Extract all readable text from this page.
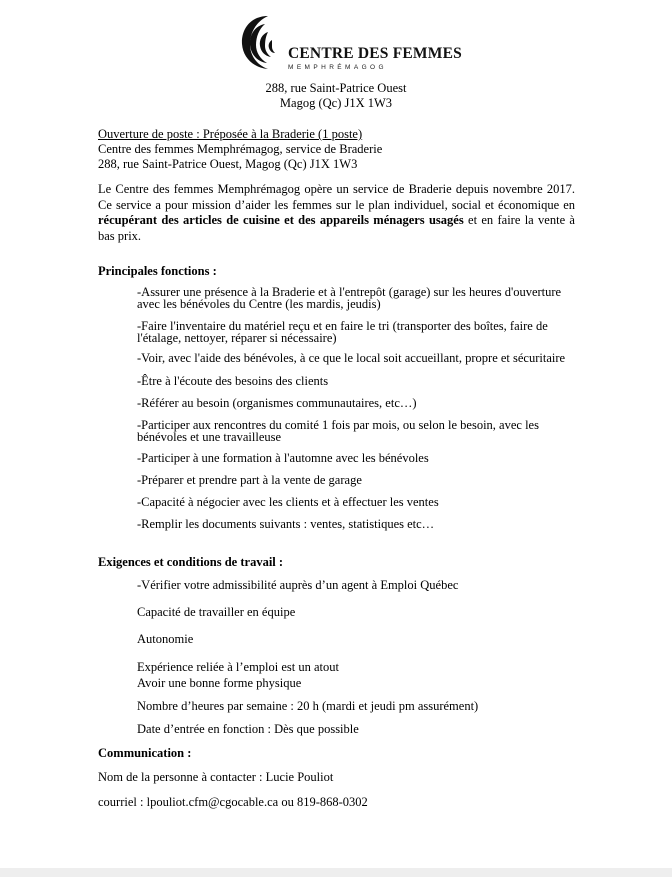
CENTRE DES FEMMES
MEMPHRÉMAGOG
288, rue Saint-Patrice Ouest
Magog (Qc) J1X 1W3
Ouverture de poste : Préposée à la Braderie (1 poste)
Centre des femmes Memphrémagog, service de Braderie
288, rue Saint-Patrice Ouest, Magog (Qc) J1X 1W3
Le Centre des femmes Memphrémagog opère un service de Braderie depuis novembre 2017. Ce service a pour mission d’aider les femmes sur le plan individuel, social et économique en récupérant des articles de cuisine et des appareils ménagers usagés et en faire la vente à bas prix.
Principales fonctions :
-Assurer une présence à la Braderie et à l'entrepôt (garage) sur les heures d'ouverture avec les bénévoles du Centre (les mardis, jeudis)
-Faire l'inventaire du matériel reçu et en faire le tri (transporter des boîtes, faire de l'étalage, nettoyer, réparer si nécessaire)
-Voir, avec l'aide des bénévoles, à ce que le local soit accueillant, propre et sécuritaire
-Être à l'écoute des besoins des clients
-Référer au besoin (organismes communautaires, etc…)
-Participer aux rencontres du comité 1 fois par mois, ou selon le besoin, avec les bénévoles et une travailleuse
-Participer à une formation à l'automne avec les bénévoles
-Préparer et prendre part à la vente de garage
-Capacité à négocier avec les clients et à effectuer les ventes
-Remplir les documents suivants : ventes, statistiques etc…
Exigences et conditions de travail :
-Vérifier votre admissibilité auprès d’un agent à Emploi Québec
Capacité de travailler en équipe
Autonomie
Expérience reliée à l’emploi est un atout
Avoir une bonne forme physique
Nombre d’heures par semaine : 20 h (mardi et jeudi pm assurément)
Date d’entrée en fonction : Dès que possible
Communication :
Nom de la personne à contacter : Lucie Pouliot
courriel : lpouliot.cfm@cgocable.ca ou 819-868-0302
